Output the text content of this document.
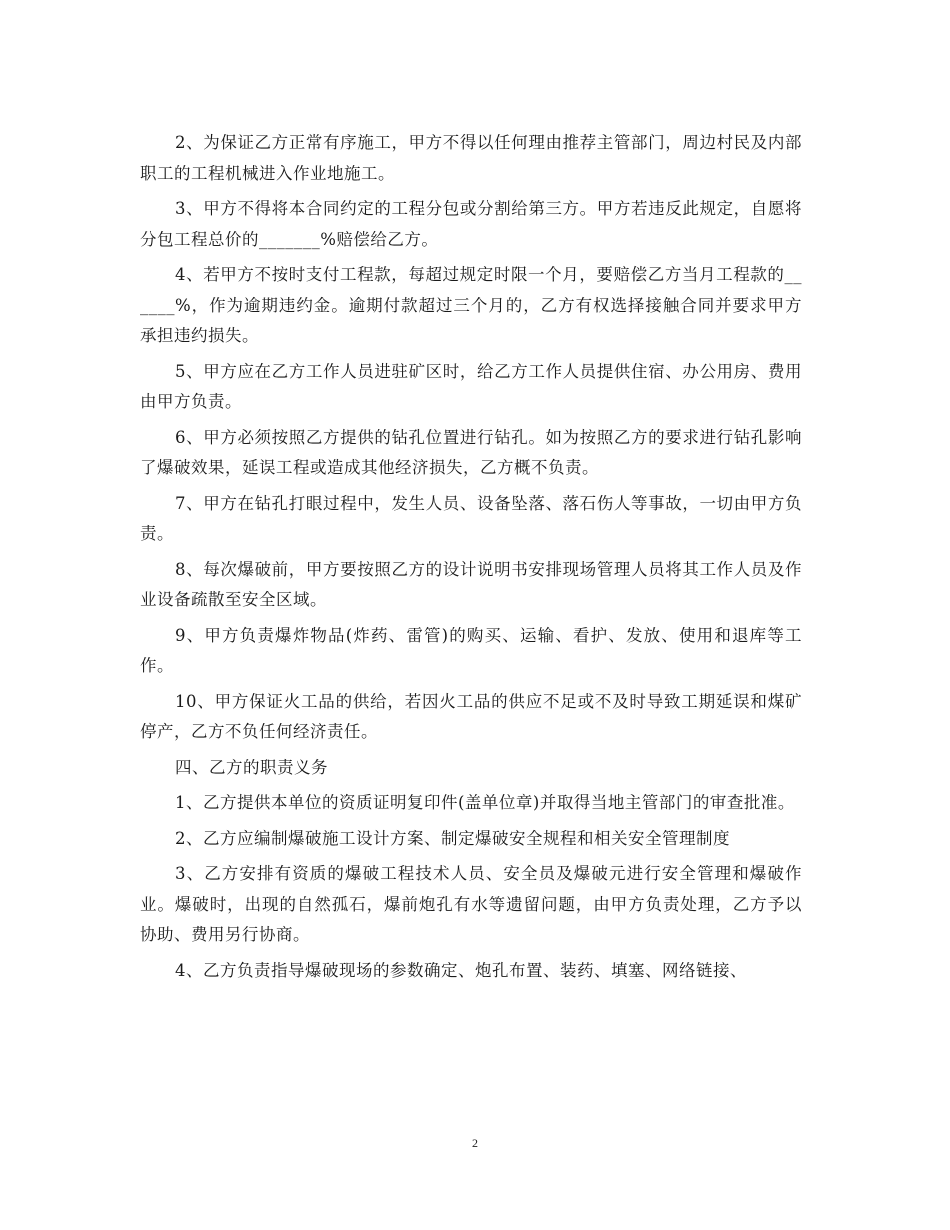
2、为保证乙方正常有序施工，甲方不得以任何理由推荐主管部门，周边村民及内部职工的工程机械进入作业地施工。

3、甲方不得将本合同约定的工程分包或分割给第三方。甲方若违反此规定，自愿将分包工程总价的_______%赔偿给乙方。

4、若甲方不按时支付工程款，每超过规定时限一个月，要赔偿乙方当月工程款的______%，作为逾期违约金。逾期付款超过三个月的，乙方有权选择接触合同并要求甲方承担违约损失。

5、甲方应在乙方工作人员进驻矿区时，给乙方工作人员提供住宿、办公用房、费用由甲方负责。

6、甲方必须按照乙方提供的钻孔位置进行钻孔。如为按照乙方的要求进行钻孔影响了爆破效果，延误工程或造成其他经济损失，乙方概不负责。

7、甲方在钻孔打眼过程中，发生人员、设备坠落、落石伤人等事故，一切由甲方负责。

8、每次爆破前，甲方要按照乙方的设计说明书安排现场管理人员将其工作人员及作业设备疏散至安全区域。

9、甲方负责爆炸物品(炸药、雷管)的购买、运输、看护、发放、使用和退库等工作。

10、甲方保证火工品的供给，若因火工品的供应不足或不及时导致工期延误和煤矿停产，乙方不负任何经济责任。

四、乙方的职责义务

1、乙方提供本单位的资质证明复印件(盖单位章)并取得当地主管部门的审查批准。

2、乙方应编制爆破施工设计方案、制定爆破安全规程和相关安全管理制度

3、乙方安排有资质的爆破工程技术人员、安全员及爆破元进行安全管理和爆破作业。爆破时，出现的自然孤石，爆前炮孔有水等遗留问题，由甲方负责处理，乙方予以协助、费用另行协商。

4、乙方负责指导爆破现场的参数确定、炮孔布置、装药、填塞、网络链接、

2
